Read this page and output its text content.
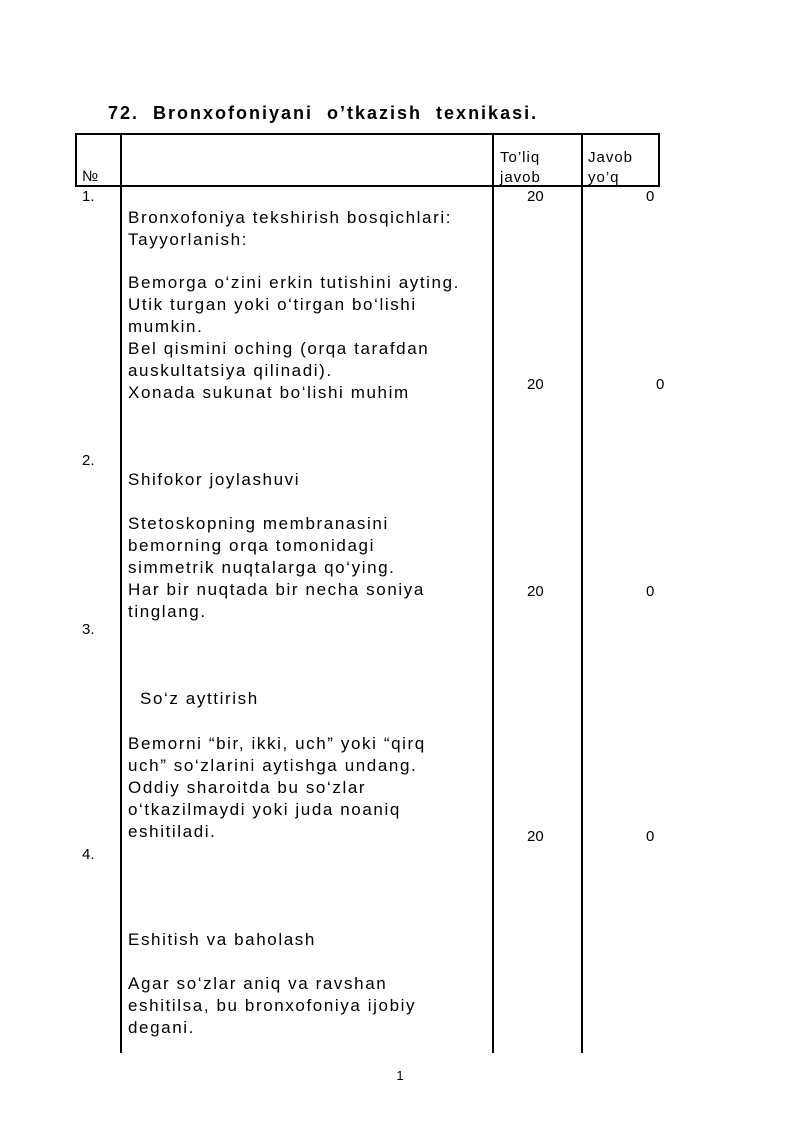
72.  Bronxofoniyani  o’tkazish  texnikasi.
№
To’liq
javob
Javob
yo’q
1.
2.
3.
4.
20
20
20
20
0
0
0
0
Bronxofoniya tekshirish bosqichlari:
Tayyorlanish:
Bemorga o‘zini erkin tutishini ayting.
Utik turgan yoki o‘tirgan bo‘lishi
mumkin.
Bel qismini oching (orqa tarafdan
auskultatsiya qilinadi).
Xonada sukunat bo‘lishi muhim
Shifokor joylashuvi
Stetoskopning membranasini
bemorning orqa tomonidagi
simmetrik nuqtalarga qo‘ying.
Har bir nuqtada bir necha soniya
tinglang.
So‘z ayttirish
Bemorni “bir, ikki, uch” yoki “qirq
uch” so‘zlarini aytishga undang.
Oddiy sharoitda bu so‘zlar
o‘tkazilmaydi yoki juda noaniq
eshitiladi.
Eshitish va baholash
Agar so‘zlar aniq va ravshan
eshitilsa, bu bronxofoniya ijobiy
degani.
1
